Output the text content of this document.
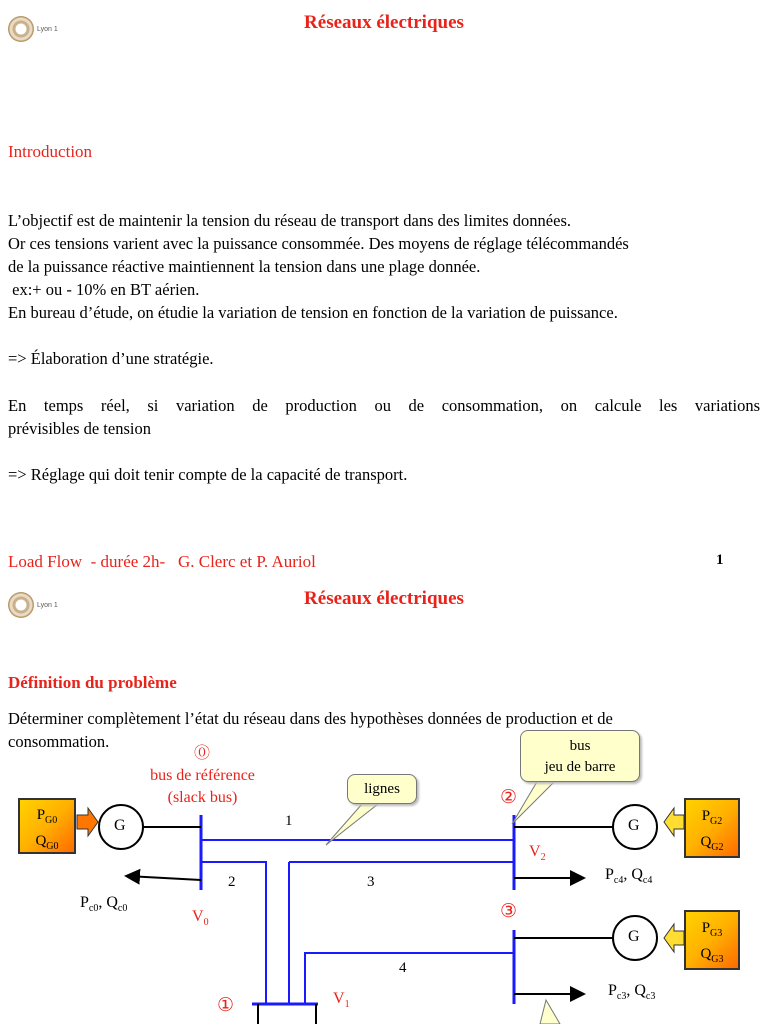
Lyon 1	Réseaux électriques
Introduction
L’objectif est de maintenir la tension du réseau de transport dans des limites données.
Or ces tensions varient avec la puissance consommée. Des moyens de réglage télécommandés
de la puissance réactive maintiennent la tension dans une plage donnée.
ex:+ ou - 10% en BT aérien.
En bureau d’étude, on étudie la variation de tension en fonction de la variation de puissance.
=> Élaboration d’une stratégie.
En temps réel, si variation de production ou de consommation, on calcule les variations
prévisibles de tension
=> Réglage qui doit tenir compte de la capacité de transport.
Load Flow  - durée 2h-   G. Clerc et P. Auriol	1
Lyon 1	Réseaux électriques
Définition du problème
Déterminer complètement l’état du réseau dans des hypothèses données de production et de
consommation.
lignes
bus
jeu de barre
⓪
bus de référence
(slack bus)	②
③
①
$V_0$
$V_2$
$V_1$
1
2	3
4
G	G
G
$P_{G0}$
$Q_{G0}$
$P_{G2}$
$Q_{G2}$
$P_{G3}$
$Q_{G3}$
$P_{c0}$, $Q_{c0}$
$P_{c4}$, $Q_{c4}$
$P_{c3}$, $Q_{c3}$
